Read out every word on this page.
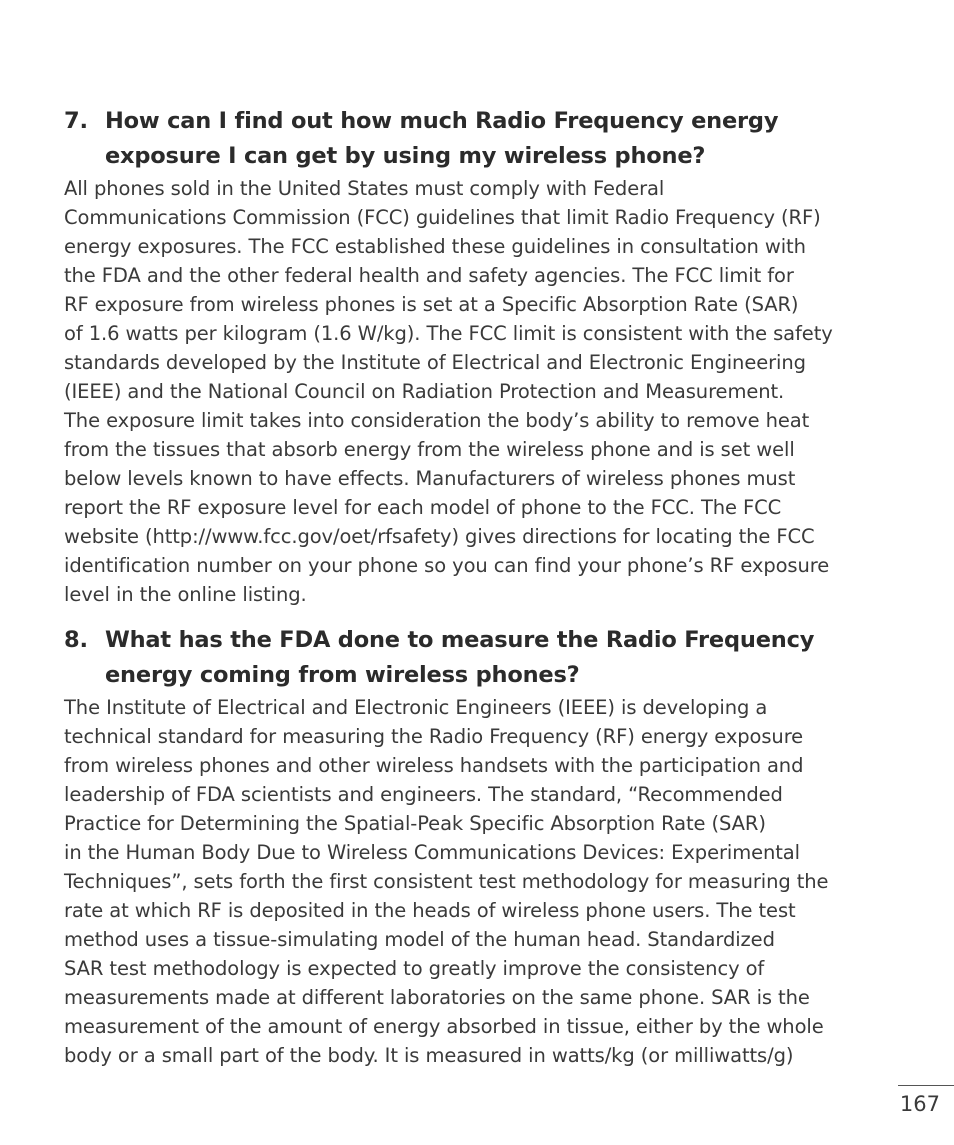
7. How can I find out how much Radio Frequency energy
exposure I can get by using my wireless phone?

All phones sold in the United States must comply with Federal
Communications Commission (FCC) guidelines that limit Radio Frequency (RF)
energy exposures. The FCC established these guidelines in consultation with
the FDA and the other federal health and safety agencies. The FCC limit for
RF exposure from wireless phones is set at a Specific Absorption Rate (SAR)
of 1.6 watts per kilogram (1.6 W/kg). The FCC limit is consistent with the safety
standards developed by the Institute of Electrical and Electronic Engineering
(IEEE) and the National Council on Radiation Protection and Measurement.
The exposure limit takes into consideration the body’s ability to remove heat
from the tissues that absorb energy from the wireless phone and is set well
below levels known to have effects. Manufacturers of wireless phones must
report the RF exposure level for each model of phone to the FCC. The FCC
website (http://www.fcc.gov/oet/rfsafety) gives directions for locating the FCC
identification number on your phone so you can find your phone’s RF exposure
level in the online listing.

8. What has the FDA done to measure the Radio Frequency
energy coming from wireless phones?

The Institute of Electrical and Electronic Engineers (IEEE) is developing a
technical standard for measuring the Radio Frequency (RF) energy exposure
from wireless phones and other wireless handsets with the participation and
leadership of FDA scientists and engineers. The standard, “Recommended
Practice for Determining the Spatial-Peak Specific Absorption Rate (SAR)
in the Human Body Due to Wireless Communications Devices: Experimental
Techniques”, sets forth the first consistent test methodology for measuring the
rate at which RF is deposited in the heads of wireless phone users. The test
method uses a tissue-simulating model of the human head. Standardized
SAR test methodology is expected to greatly improve the consistency of
measurements made at different laboratories on the same phone. SAR is the
measurement of the amount of energy absorbed in tissue, either by the whole
body or a small part of the body. It is measured in watts/kg (or milliwatts/g)

167
